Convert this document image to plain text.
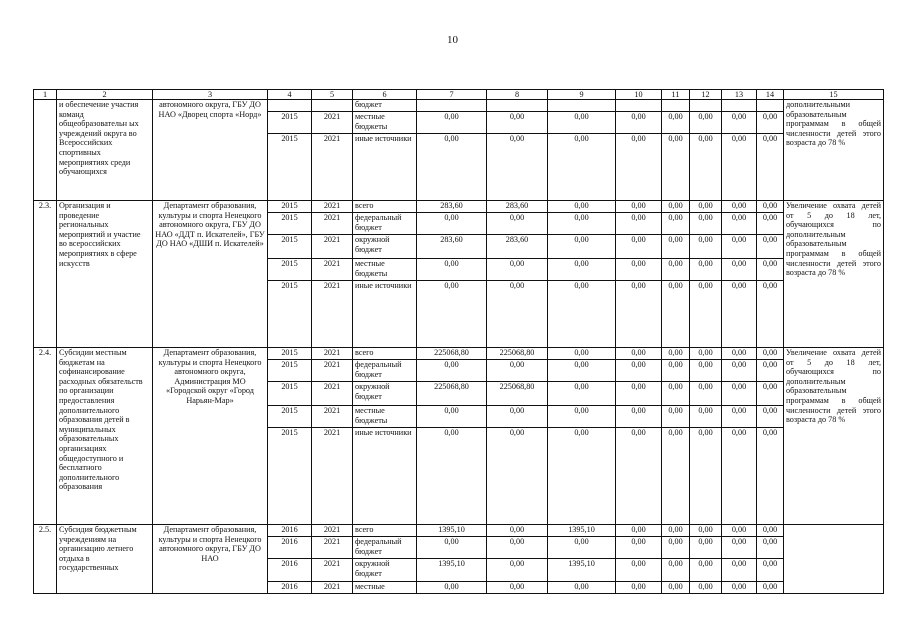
10
1	2	3	4	5	6	7	8	9	10	11	12	13	14	15
	и обеспечение участия команд общеобразовательн ых учреждений округа во Всероссийских спортивных мероприятиях среди обучающихся	автономного округа, ГБУ ДО НАО «Дворец спорта «Норд»			бюджет									дополнительными образовательным программам в общей численности детей этого возраста до 78 %
			2015	2021	местные бюджеты	0,00	0,00	0,00	0,00	0,00	0,00	0,00	0,00	
			2015	2021	иные источники	0,00	0,00	0,00	0,00	0,00	0,00	0,00	0,00	
2.3.	Организация и проведение региональных мероприятий и участие во всероссийских мероприятиях в сфере искусств	Департамент образования, культуры и спорта Ненецкого автономного округа, ГБУ ДО НАО «ДДТ п. Искателей», ГБУ ДО НАО «ДШИ п. Искателей»	2015	2021	всего	283,60	283,60	0,00	0,00	0,00	0,00	0,00	0,00	Увеличение охвата детей от 5 до 18 лет, обучающихся по дополнительным образовательным программам в общей численности детей этого возраста до 78 %
			2015	2021	федеральный бюджет	0,00	0,00	0,00	0,00	0,00	0,00	0,00	0,00	
			2015	2021	окружной бюджет	283,60	283,60	0,00	0,00	0,00	0,00	0,00	0,00	
			2015	2021	местные бюджеты	0,00	0,00	0,00	0,00	0,00	0,00	0,00	0,00	
			2015	2021	иные источники	0,00	0,00	0,00	0,00	0,00	0,00	0,00	0,00	
2.4.	Субсидии местным бюджетам на софинансирование расходных обязательств по организации предоставления дополнительного образования детей в муниципальных образовательных организациях общедоступного и бесплатного дополнительного образования	Департамент образования, культуры и спорта Ненецкого автономного округа, Администрация МО «Городской округ «Город Нарьян-Мар»	2015	2021	всего	225068,80	225068,80	0,00	0,00	0,00	0,00	0,00	0,00	Увеличение охвата детей от 5 до 18 лет, обучающихся по дополнительным образовательным программам в общей численности детей этого возраста до 78 %
			2015	2021	федеральный бюджет	0,00	0,00	0,00	0,00	0,00	0,00	0,00	0,00	
			2015	2021	окружной бюджет	225068,80	225068,80	0,00	0,00	0,00	0,00	0,00	0,00	
			2015	2021	местные бюджеты	0,00	0,00	0,00	0,00	0,00	0,00	0,00	0,00	
			2015	2021	иные источники	0,00	0,00	0,00	0,00	0,00	0,00	0,00	0,00	
2.5.	Субсидия бюджетным учреждениям на организацию летнего отдыха в государственных	Департамент образования, культуры и спорта Ненецкого автономного округа, ГБУ ДО НАО	2016	2021	всего	1395,10	0,00	1395,10	0,00	0,00	0,00	0,00	0,00	
			2016	2021	федеральный бюджет	0,00	0,00	0,00	0,00	0,00	0,00	0,00	0,00	
			2016	2021	окружной бюджет	1395,10	0,00	1395,10	0,00	0,00	0,00	0,00	0,00	
			2016	2021	местные	0,00	0,00	0,00	0,00	0,00	0,00	0,00	0,00	
